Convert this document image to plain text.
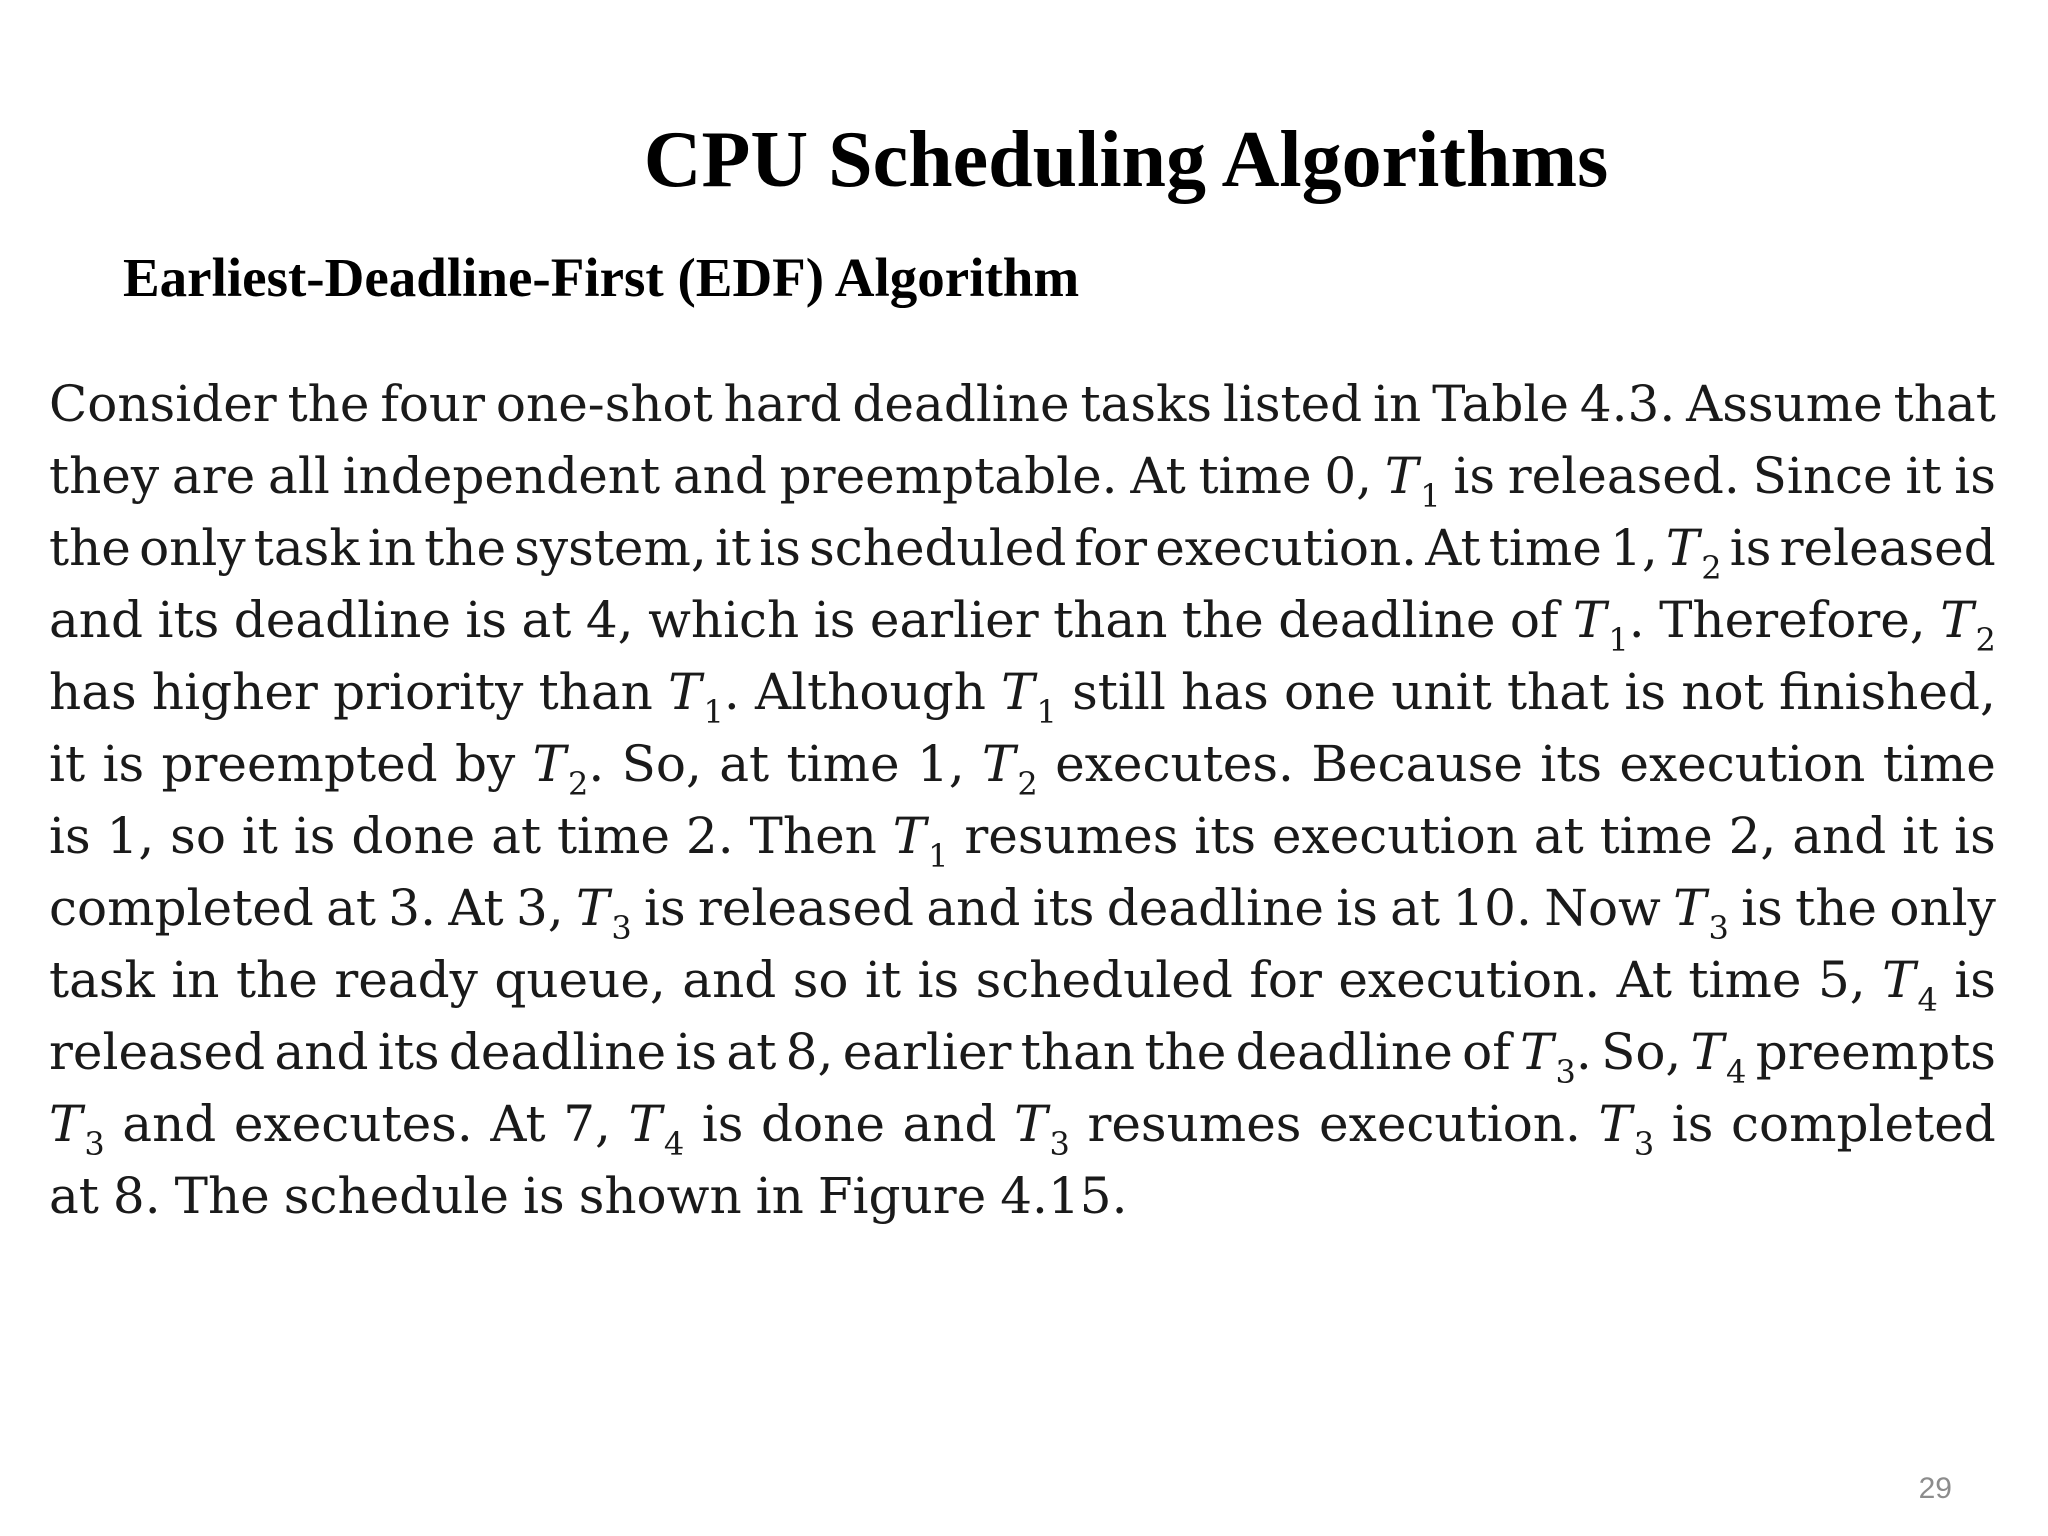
CPU Scheduling Algorithms
Earliest-Deadline-First (EDF) Algorithm
Consider the four one-shot hard deadline tasks listed in Table 4.3. Assume that
they are all independent and preemptable. At time 0, $T_1$ is released. Since it is
the only task in the system, it is scheduled for execution. At time 1, $T_2$ is released
and its deadline is at 4, which is earlier than the deadline of $T_1$. Therefore, $T_2$
has higher priority than $T_1$. Although $T_1$ still has one unit that is not finished,
it is preempted by $T_2$. So, at time 1, $T_2$ executes. Because its execution time
is 1, so it is done at time 2. Then $T_1$ resumes its execution at time 2, and it is
completed at 3. At 3, $T_3$ is released and its deadline is at 10. Now $T_3$ is the only
task in the ready queue, and so it is scheduled for execution. At time 5, $T_4$ is
released and its deadline is at 8, earlier than the deadline of $T_3$. So, $T_4$ preempts
$T_3$ and executes. At 7, $T_4$ is done and $T_3$ resumes execution. $T_3$ is completed
at 8. The schedule is shown in Figure 4.15.
29
